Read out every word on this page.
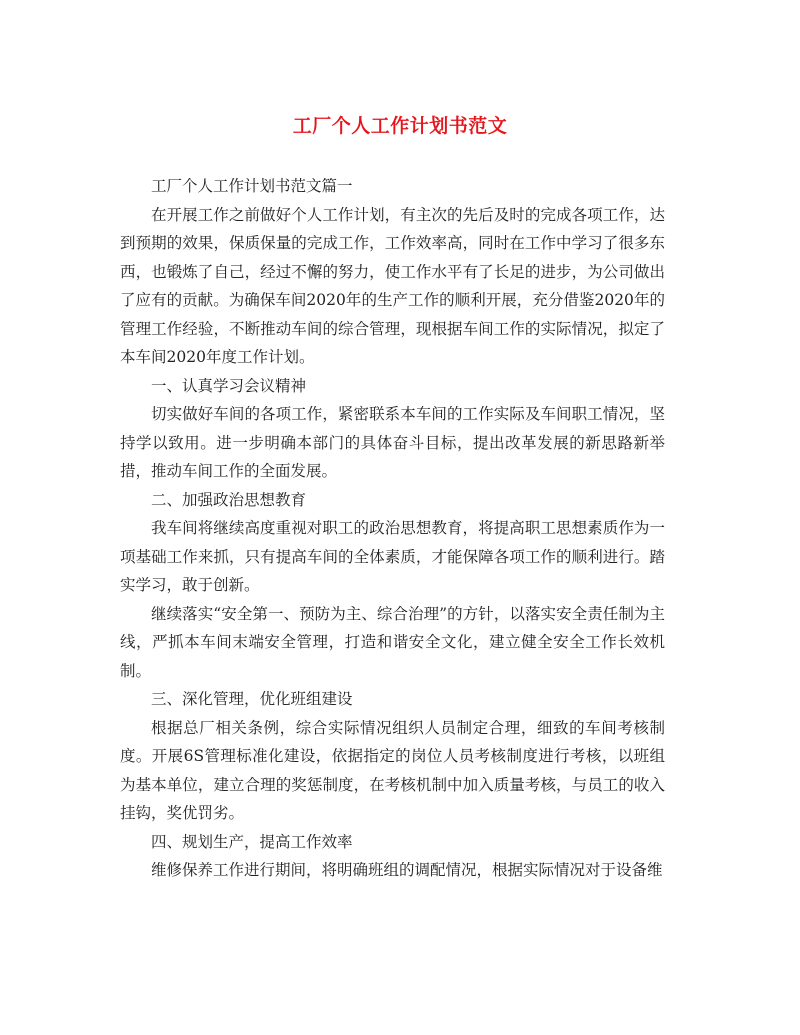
工厂个人工作计划书范文

工厂个人工作计划书范文篇一

在开展工作之前做好个人工作计划，有主次的先后及时的完成各项工作，达到预期的效果，保质保量的完成工作，工作效率高，同时在工作中学习了很多东西，也锻炼了自己，经过不懈的努力，使工作水平有了长足的进步，为公司做出了应有的贡献。为确保车间2020年的生产工作的顺利开展，充分借鉴2020年的管理工作经验，不断推动车间的综合管理，现根据车间工作的实际情况，拟定了本车间2020年度工作计划。

一、认真学习会议精神

切实做好车间的各项工作，紧密联系本车间的工作实际及车间职工情况，坚持学以致用。进一步明确本部门的具体奋斗目标，提出改革发展的新思路新举措，推动车间工作的全面发展。

二、加强政治思想教育

我车间将继续高度重视对职工的政治思想教育，将提高职工思想素质作为一项基础工作来抓，只有提高车间的全体素质，才能保障各项工作的顺利进行。踏实学习，敢于创新。

继续落实“安全第一、预防为主、综合治理”的方针，以落实安全责任制为主线，严抓本车间末端安全管理，打造和谐安全文化，建立健全安全工作长效机制。

三、深化管理，优化班组建设

根据总厂相关条例，综合实际情况组织人员制定合理，细致的车间考核制度。开展6S管理标准化建设，依据指定的岗位人员考核制度进行考核，以班组为基本单位，建立合理的奖惩制度，在考核机制中加入质量考核，与员工的收入挂钩，奖优罚劣。

四、规划生产，提高工作效率

维修保养工作进行期间，将明确班组的调配情况，根据实际情况对于设备维
